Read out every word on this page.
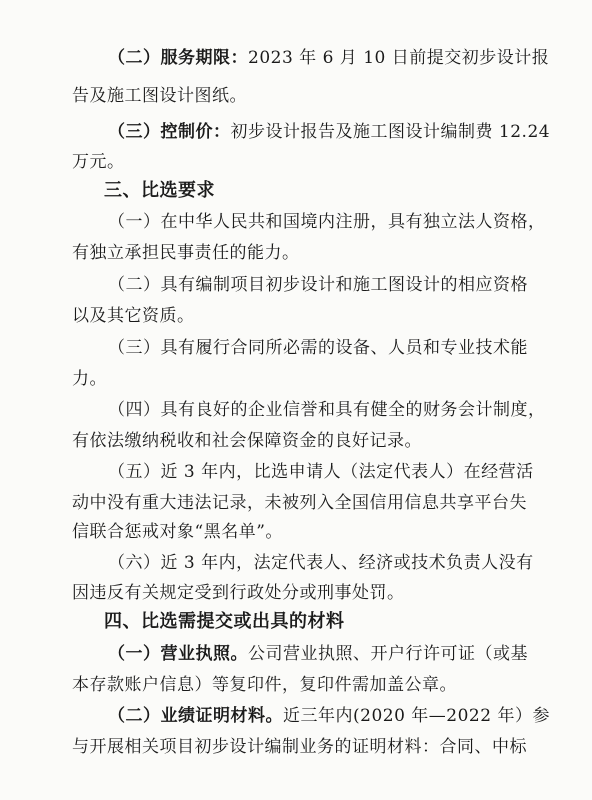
（二）服务期限：2023 年 6 月 10 日前提交初步设计报
告及施工图设计图纸。
（三）控制价：初步设计报告及施工图设计编制费 12.24
万元。
三、比选要求
（一）在中华人民共和国境内注册，具有独立法人资格，
有独立承担民事责任的能力。
（二）具有编制项目初步设计和施工图设计的相应资格
以及其它资质。
（三）具有履行合同所必需的设备、人员和专业技术能
力。
（四）具有良好的企业信誉和具有健全的财务会计制度，
有依法缴纳税收和社会保障资金的良好记录。
（五）近 3 年内，比选申请人（法定代表人）在经营活
动中没有重大违法记录，未被列入全国信用信息共享平台失
信联合惩戒对象“黑名单”。
（六）近 3 年内，法定代表人、经济或技术负责人没有
因违反有关规定受到行政处分或刑事处罚。
四、比选需提交或出具的材料
（一）营业执照。公司营业执照、开户行许可证（或基
本存款账户信息）等复印件，复印件需加盖公章。
（二）业绩证明材料。近三年内(2020 年—2022 年）参
与开展相关项目初步设计编制业务的证明材料：合同、中标
